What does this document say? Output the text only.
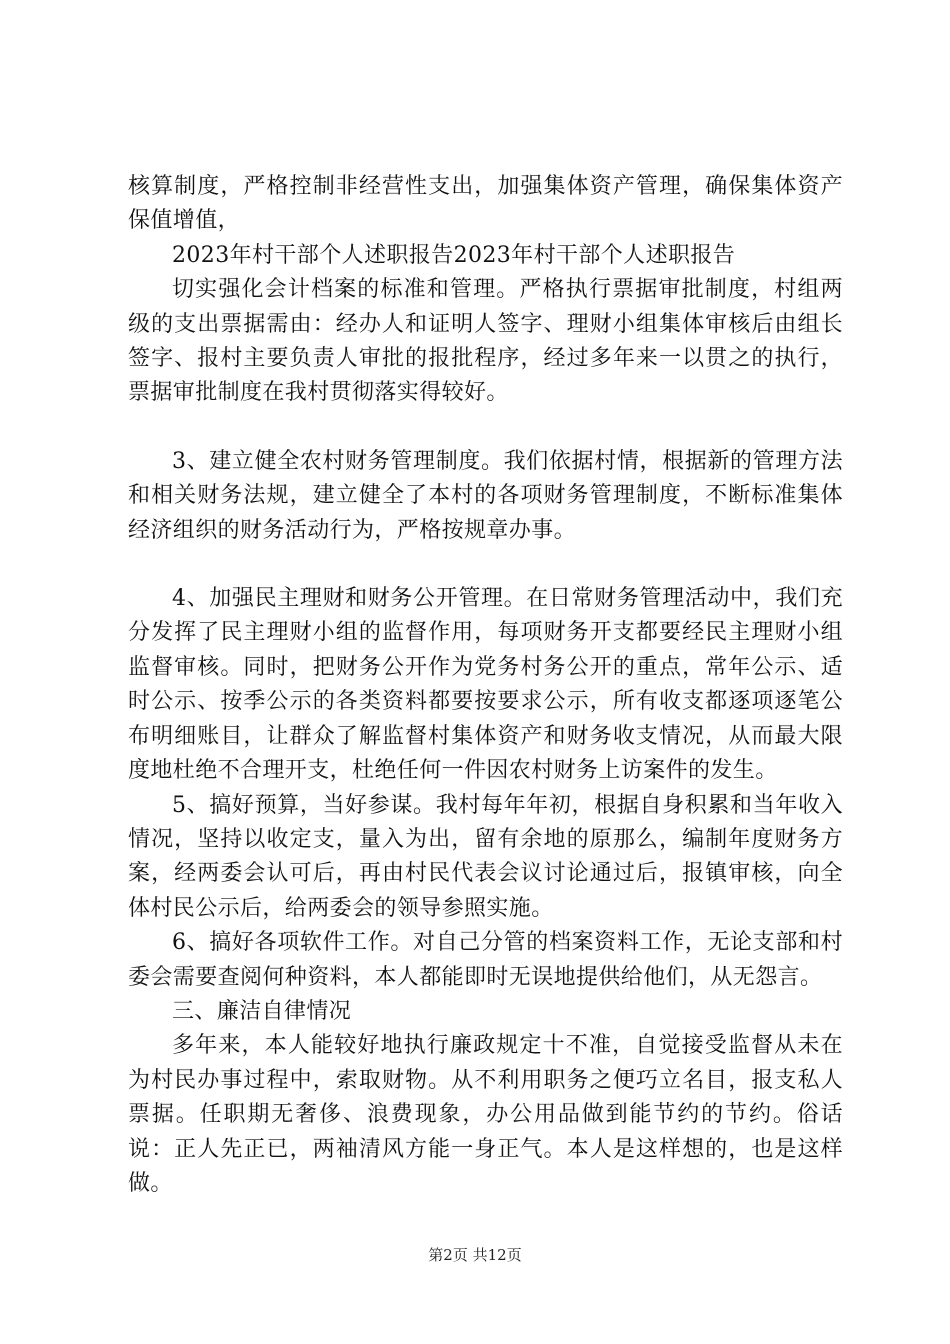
核算制度，严格控制非经营性支出，加强集体资产管理，确保集体资产保值增值，

2023年村干部个人述职报告2023年村干部个人述职报告

切实强化会计档案的标准和管理。严格执行票据审批制度，村组两级的支出票据需由：经办人和证明人签字、理财小组集体审核后由组长签字、报村主要负责人审批的报批程序，经过多年来一以贯之的执行，票据审批制度在我村贯彻落实得较好。

3、建立健全农村财务管理制度。我们依据村情，根据新的管理方法和相关财务法规，建立健全了本村的各项财务管理制度，不断标准集体经济组织的财务活动行为，严格按规章办事。

4、加强民主理财和财务公开管理。在日常财务管理活动中，我们充分发挥了民主理财小组的监督作用，每项财务开支都要经民主理财小组监督审核。同时，把财务公开作为党务村务公开的重点，常年公示、适时公示、按季公示的各类资料都要按要求公示，所有收支都逐项逐笔公布明细账目，让群众了解监督村集体资产和财务收支情况，从而最大限度地杜绝不合理开支，杜绝任何一件因农村财务上访案件的发生。

5、搞好预算，当好参谋。我村每年年初，根据自身积累和当年收入情况，坚持以收定支，量入为出，留有余地的原那么，编制年度财务方案，经两委会认可后，再由村民代表会议讨论通过后，报镇审核，向全体村民公示后，给两委会的领导参照实施。

6、搞好各项软件工作。对自己分管的档案资料工作，无论支部和村委会需要查阅何种资料，本人都能即时无误地提供给他们，从无怨言。

三、廉洁自律情况

多年来，本人能较好地执行廉政规定十不准，自觉接受监督从未在为村民办事过程中，索取财物。从不利用职务之便巧立名目，报支私人票据。任职期无奢侈、浪费现象，办公用品做到能节约的节约。俗话说：正人先正已，两袖清风方能一身正气。本人是这样想的，也是这样做。

第2页 共12页
